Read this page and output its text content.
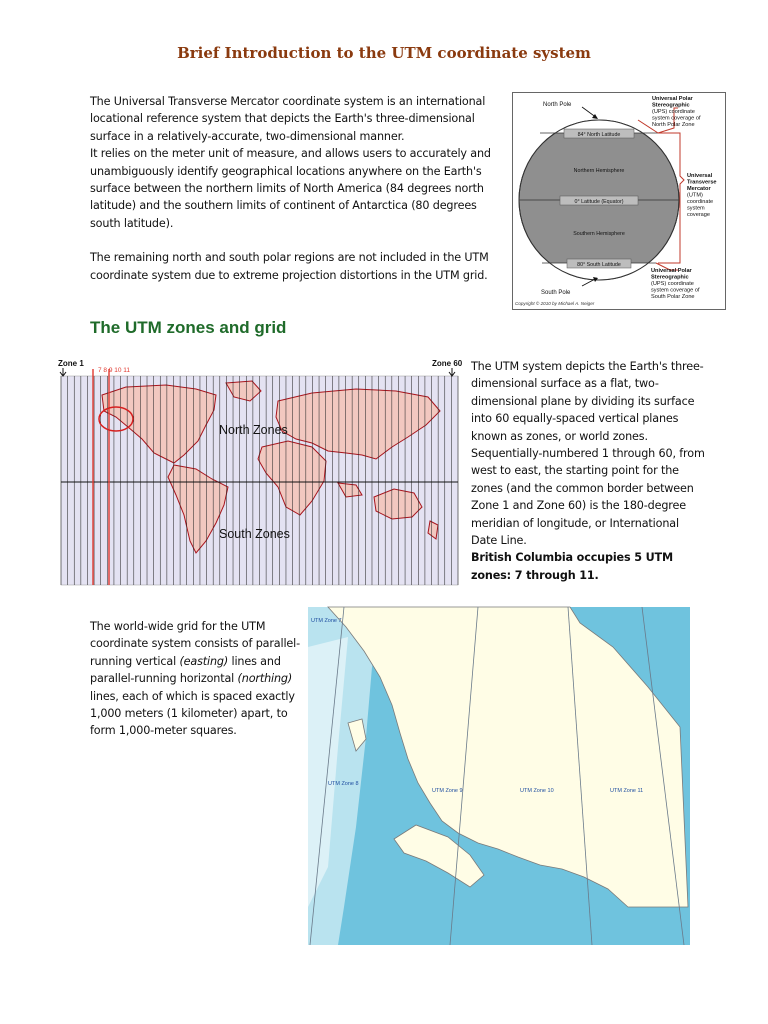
Brief Introduction to the UTM coordinate system

The Universal Transverse Mercator coordinate system is an international locational reference system that depicts the Earth's three-dimensional surface in a relatively-accurate, two-dimensional manner.

It relies on the meter unit of measure, and allows users to accurately and unambiguously identify geographical locations anywhere on the Earth's surface between the northern limits of North America (84 degrees north latitude) and the southern limits of continent of Antarctica (80 degrees south latitude).

The remaining north and south polar regions are not included in the UTM coordinate system due to extreme projection distortions in the UTM grid.

84° North Latitude
Northern Hemisphere
0° Latitude (Equator)
Southern Hemisphere
80° South Latitude
North Pole
South Pole
Universal Polar Stereographic
(UPS) coordinate system coverage of North Polar Zone
Universal Transverse Mercator
(UTM) coordinate system coverage
Universal Polar Stereographic
(UPS) coordinate system coverage of South Polar Zone
Copyright © 2010 by Michael A. Neiger
The UTM zones and grid
Zone 1	Zone 60
7 8 9 10 11
North Zones
South Zones

The UTM system depicts the Earth's three-dimensional surface as a flat, two-dimensional plane by dividing its surface into 60 equally-spaced vertical planes known as zones, or world zones. Sequentially-numbered 1 through 60, from west to east, the starting point for the zones (and the common border between Zone 1 and Zone 60) is the 180-degree meridian of longitude, or International Date Line.

British Columbia occupies 5 UTM zones: 7 through 11.

The world-wide grid for the UTM coordinate system consists of parallel-running vertical (easting) lines and parallel-running horizontal (northing) lines, each of which is spaced exactly 1,000 meters (1 kilometer) apart, to form 1,000-meter squares.

UTM Zone 7
UTM Zone 8
UTM Zone 9	UTM Zone 10	UTM Zone 11
